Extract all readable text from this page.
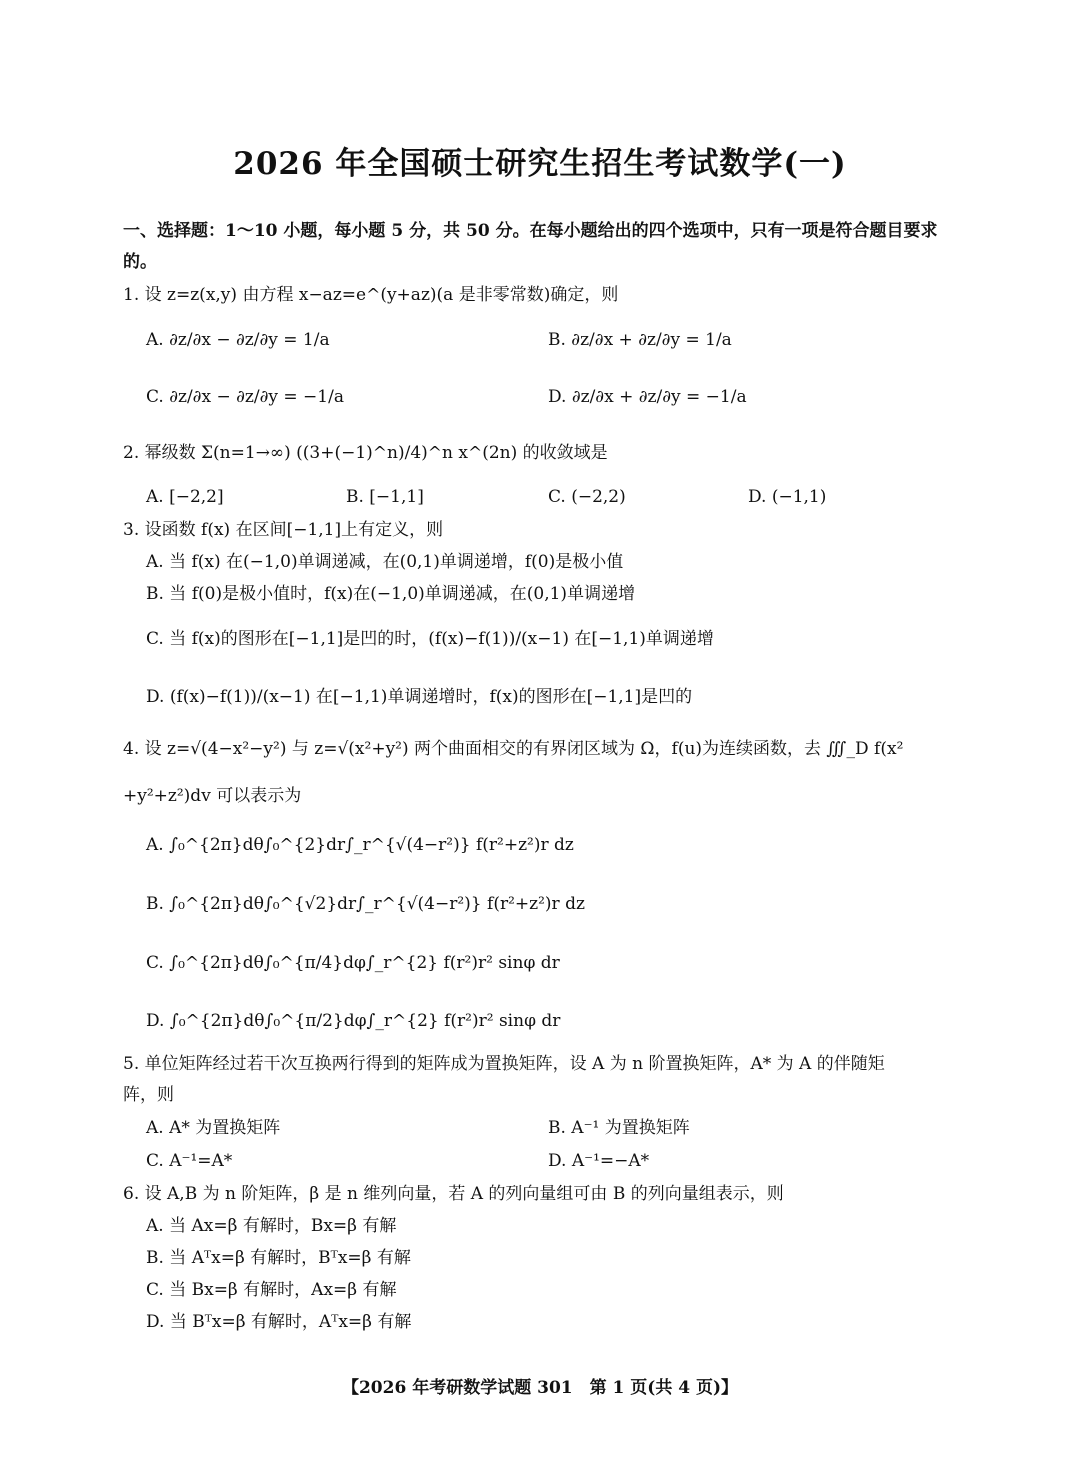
2026 年全国硕士研究生招生考试数学(一)
一、选择题：1～10 小题，每小题 5 分，共 50 分。在每小题给出的四个选项中，只有一项是符合题目要求的。
1. 设 z=z(x,y) 由方程 x−az=e^(y+az)(a 是非零常数)确定，则
A. ∂z/∂x − ∂z/∂y = 1/a	B. ∂z/∂x + ∂z/∂y = 1/a
C. ∂z/∂x − ∂z/∂y = −1/a	D. ∂z/∂x + ∂z/∂y = −1/a
2. 幂级数 Σ(n=1→∞) ((3+(−1)^n)/4)^n x^(2n) 的收敛域是
A. [−2,2]	B. [−1,1]	C. (−2,2)	D. (−1,1)
3. 设函数 f(x) 在区间[−1,1]上有定义，则
A. 当 f(x) 在(−1,0)单调递减，在(0,1)单调递增，f(0)是极小值
B. 当 f(0)是极小值时，f(x)在(−1,0)单调递减，在(0,1)单调递增
C. 当 f(x)的图形在[−1,1]是凹的时，(f(x)−f(1))/(x−1) 在[−1,1)单调递增
D. (f(x)−f(1))/(x−1) 在[−1,1)单调递增时，f(x)的图形在[−1,1]是凹的
4. 设 z=√(4−x²−y²) 与 z=√(x²+y²) 两个曲面相交的有界闭区域为 Ω，f(u)为连续函数，去 ∭_D f(x²
+y²+z²)dv 可以表示为
A. ∫₀^{2π}dθ∫₀^{2}dr∫_r^{√(4−r²)} f(r²+z²)r dz
B. ∫₀^{2π}dθ∫₀^{√2}dr∫_r^{√(4−r²)} f(r²+z²)r dz
C. ∫₀^{2π}dθ∫₀^{π/4}dφ∫_r^{2} f(r²)r² sinφ dr
D. ∫₀^{2π}dθ∫₀^{π/2}dφ∫_r^{2} f(r²)r² sinφ dr
5. 单位矩阵经过若干次互换两行得到的矩阵成为置换矩阵，设 A 为 n 阶置换矩阵，A* 为 A 的伴随矩
阵，则
A. A* 为置换矩阵	B. A⁻¹ 为置换矩阵
C. A⁻¹=A*	D. A⁻¹=−A*
6. 设 A,B 为 n 阶矩阵，β 是 n 维列向量，若 A 的列向量组可由 B 的列向量组表示，则
A. 当 Ax=β 有解时，Bx=β 有解
B. 当 Aᵀx=β 有解时，Bᵀx=β 有解
C. 当 Bx=β 有解时，Ax=β 有解
D. 当 Bᵀx=β 有解时，Aᵀx=β 有解
【2026 年考研数学试题 301　第 1 页(共 4 页)】
